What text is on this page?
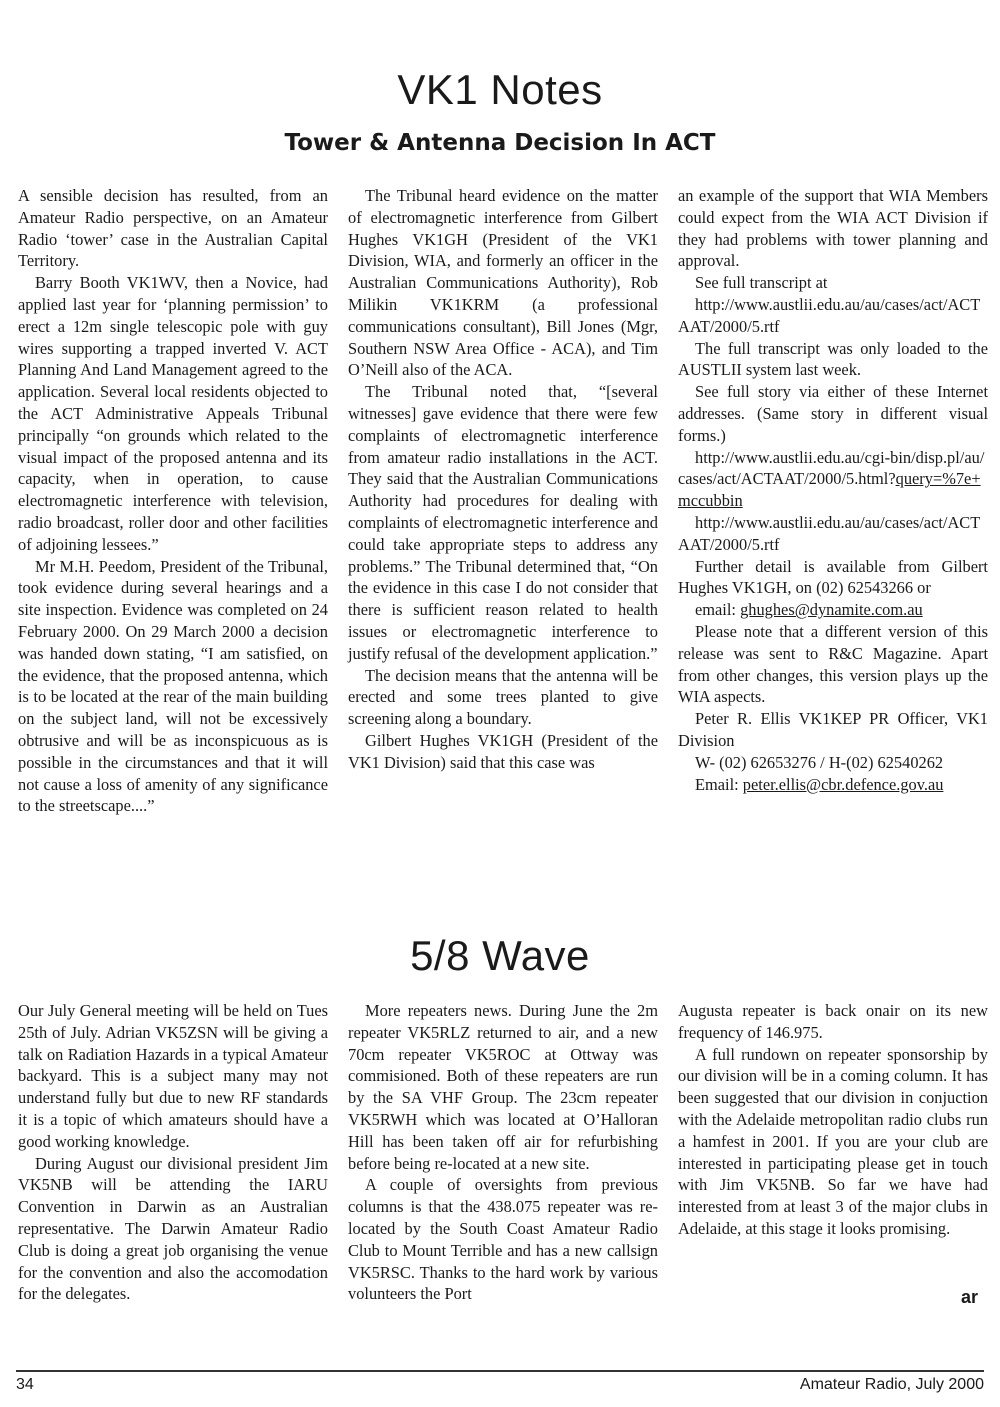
VK1 Notes
Tower & Antenna Decision In ACT

A sensible decision has resulted, from an Amateur Radio perspective, on an Amateur Radio ‘tower’ case in the Australian Capital Territory.

Barry Booth VK1WV, then a Novice, had applied last year for ‘planning permission’ to erect a 12m single telescopic pole with guy wires supporting a trapped inverted V. ACT Planning And Land Management agreed to the application. Several local residents objected to the ACT Administrative Appeals Tribunal principally “on grounds which related to the visual impact of the proposed antenna and its capacity, when in operation, to cause electromagnetic interference with television, radio broadcast, roller door and other facilities of adjoining lessees.”

Mr M.H. Peedom, President of the Tribunal, took evidence during several hearings and a site inspection. Evidence was completed on 24 February 2000. On 29 March 2000 a decision was handed down stating, “I am satisfied, on the evidence, that the proposed antenna, which is to be located at the rear of the main building on the subject land, will not be excessively obtrusive and will be as inconspicuous as is possible in the circumstances and that it will not cause a loss of amenity of any significance to the streetscape....”

The Tribunal heard evidence on the matter of electromagnetic interference from Gilbert Hughes VK1GH (President of the VK1 Division, WIA, and formerly an officer in the Australian Communications Authority), Rob Milikin VK1KRM (a professional communications consultant), Bill Jones (Mgr, Southern NSW Area Office - ACA), and Tim O’Neill also of the ACA.

The Tribunal noted that, “[several witnesses] gave evidence that there were few complaints of electromagnetic interference from amateur radio installations in the ACT. They said that the Australian Communications Authority had procedures for dealing with complaints of electromagnetic interference and could take appropriate steps to address any problems.” The Tribunal determined that, “On the evidence in this case I do not consider that there is sufficient reason related to health issues or electromagnetic interference to justify refusal of the development application.”

The decision means that the antenna will be erected and some trees planted to give screening along a boundary.

Gilbert Hughes VK1GH (President of the VK1 Division) said that this case was

an example of the support that WIA Members could expect from the WIA ACT Division if they had problems with tower planning and approval.

See full transcript at

http://www.austlii.edu.au/au/cases/act/ACTAAT/2000/5.rtf

The full transcript was only loaded to the AUSTLII system last week.

See full story via either of these Internet addresses. (Same story in different visual forms.)

http://www.austlii.edu.au/cgi-bin/disp.pl/au/cases/act/ACTAAT/2000/5.html?query=%7e+mccubbin

http://www.austlii.edu.au/au/cases/act/ACTAAT/2000/5.rtf

Further detail is available from Gilbert Hughes VK1GH, on (02) 62543266 or

email: ghughes@dynamite.com.au

Please note that a different version of this release was sent to R&C Magazine. Apart from other changes, this version plays up the WIA aspects.

Peter R. Ellis VK1KEP PR Officer, VK1 Division

W- (02) 62653276 / H-(02) 62540262

Email: peter.ellis@cbr.defence.gov.au

5/8 Wave

Our July General meeting will be held on Tues 25th of July. Adrian VK5ZSN will be giving a talk on Radiation Hazards in a typical Amateur backyard. This is a subject many may not understand fully but due to new RF standards it is a topic of which amateurs should have a good working knowledge.

During August our divisional president Jim VK5NB will be attending the IARU Convention in Darwin as an Australian representative. The Darwin Amateur Radio Club is doing a great job organising the venue for the convention and also the accomodation for the delegates.

More repeaters news. During June the 2m repeater VK5RLZ returned to air, and a new 70cm repeater VK5ROC at Ottway was commisioned. Both of these repeaters are run by the SA VHF Group. The 23cm repeater VK5RWH which was located at O’Halloran Hill has been taken off air for refurbishing before being re-located at a new site.

A couple of oversights from previous columns is that the 438.075 repeater was re-located by the South Coast Amateur Radio Club to Mount Terrible and has a new callsign VK5RSC. Thanks to the hard work by various volunteers the Port

Augusta repeater is back onair on its new frequency of 146.975.

A full rundown on repeater sponsorship by our division will be in a coming column. It has been suggested that our division in conjuction with the Adelaide metropolitan radio clubs run a hamfest in 2001. If you are your club are interested in participating please get in touch with Jim VK5NB. So far we have had interested from at least 3 of the major clubs in Adelaide, at this stage it looks promising.

ar
34	Amateur Radio, July 2000
